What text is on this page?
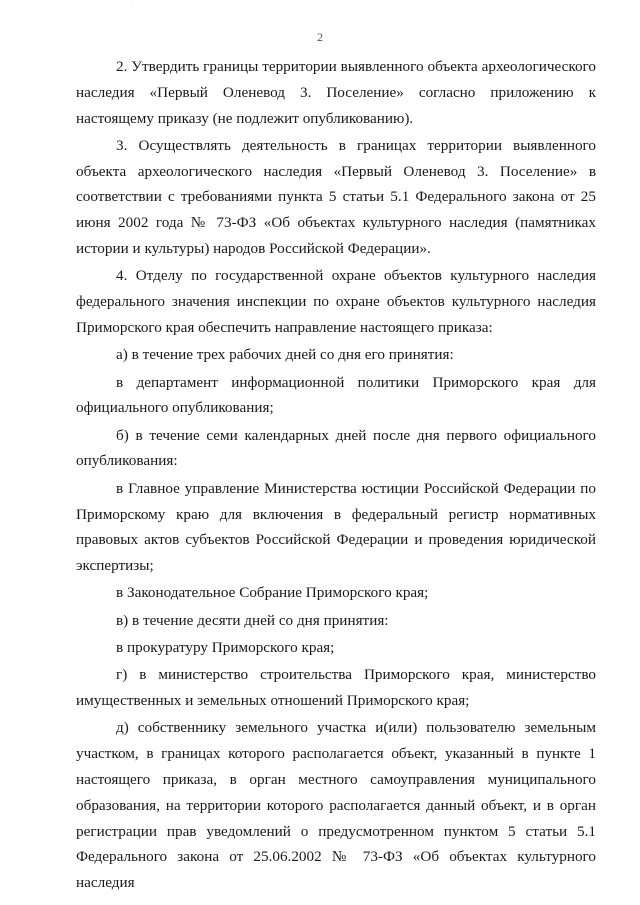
2

2. Утвердить границы территории выявленного объекта археологического наследия «Первый Оленевод 3. Поселение» согласно приложению к настоящему приказу (не подлежит опубликованию).

3. Осуществлять деятельность в границах территории выявленного объекта археологического наследия «Первый Оленевод 3. Поселение» в соответствии с требованиями пункта 5 статьи 5.1 Федерального закона от 25 июня 2002 года № 73-ФЗ «Об объектах культурного наследия (памятниках истории и культуры) народов Российской Федерации».

4. Отделу по государственной охране объектов культурного наследия федерального значения инспекции по охране объектов культурного наследия Приморского края обеспечить направление настоящего приказа:

а) в течение трех рабочих дней со дня его принятия:

в департамент информационной политики Приморского края для официального опубликования;

б) в течение семи календарных дней после дня первого официального опубликования:

в Главное управление Министерства юстиции Российской Федерации по Приморскому краю для включения в федеральный регистр нормативных правовых актов субъектов Российской Федерации и проведения юридической экспертизы;

в Законодательное Собрание Приморского края;

в) в течение десяти дней со дня принятия:

в прокуратуру Приморского края;

г) в министерство строительства Приморского края, министерство имущественных и земельных отношений Приморского края;

д) собственнику земельного участка и(или) пользователю земельным участком, в границах которого располагается объект, указанный в пункте 1 настоящего приказа, в орган местного самоуправления муниципального образования, на территории которого располагается данный объект, и в орган регистрации прав уведомлений о предусмотренном пунктом 5 статьи 5.1 Федерального закона от 25.06.2002 № 73-ФЗ «Об объектах культурного наследия
